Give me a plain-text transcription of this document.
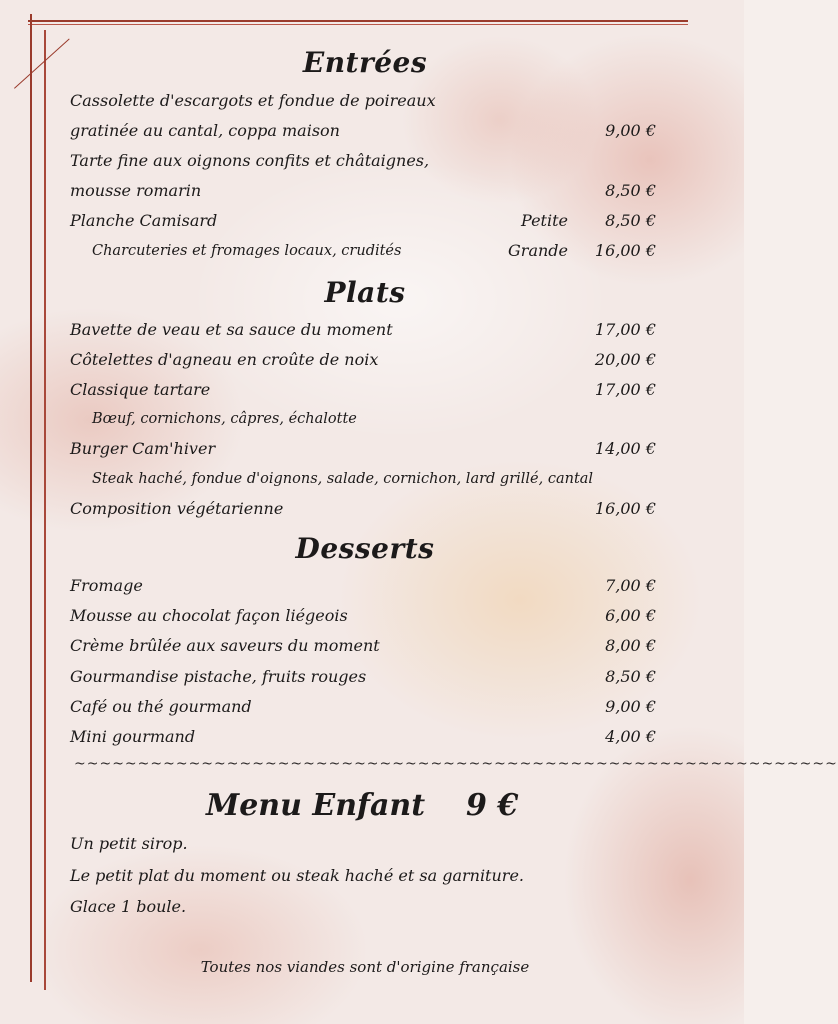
Entrées
Cassolette d'escargots et fondue de poireaux
gratinée au cantal, coppa maison	9,00 €
Tarte fine aux oignons confits et châtaignes,
mousse romarin	8,50 €
Planche Camisard	Petite 8,50 €
Charcuteries et fromages locaux, crudités	Grande 16,00 €
Plats
Bavette de veau et sa sauce du moment	17,00 €
Côtelettes d'agneau en croûte de noix	20,00 €
Classique tartare	17,00 €
Bœuf, cornichons, câpres, échalotte
Burger Cam'hiver	14,00 €
Steak haché, fondue d'oignons, salade, cornichon, lard grillé, cantal
Composition végétarienne	16,00 €
Desserts
Fromage	7,00 €
Mousse au chocolat façon liégeois	6,00 €
Crème brûlée aux saveurs du moment	8,00 €
Gourmandise pistache, fruits rouges	8,50 €
Café ou thé gourmand	9,00 €
Mini gourmand	4,00 €
~~~~~~~~~~~~~~~~~~~~~~~~~~~~~~~~~~~~~~~~~~~~~~~~~~~~~~~~~~~~
Menu Enfant 9 €
Un petit sirop.
Le petit plat du moment ou steak haché et sa garniture.
Glace 1 boule.
Toutes nos viandes sont d'origine française
